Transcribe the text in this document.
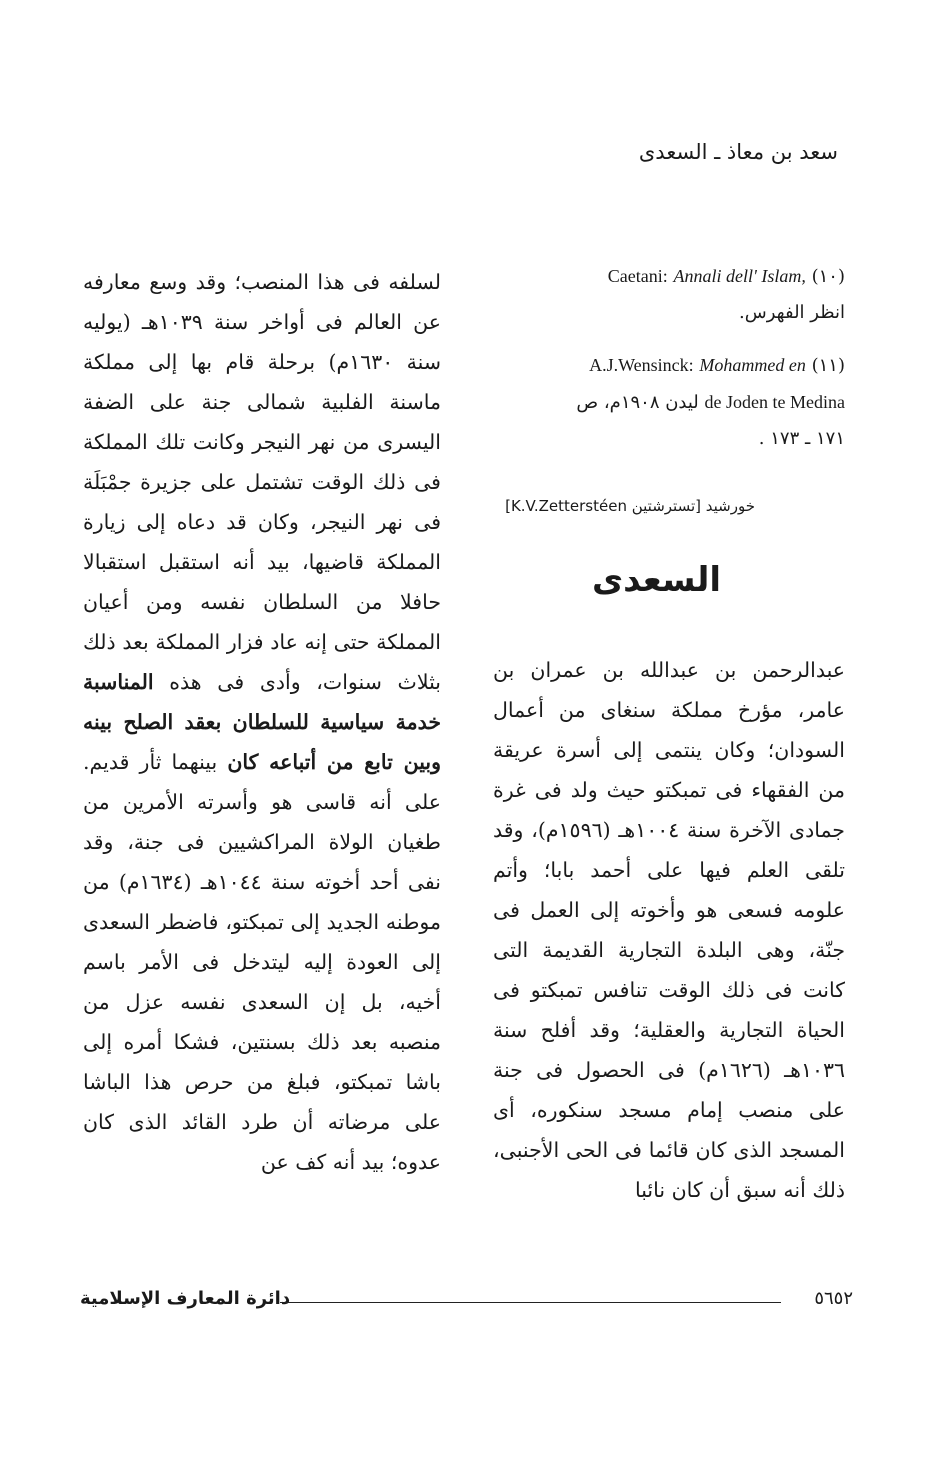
سعد بن معاذ ـ السعدى
(١٠) Caetani: Annali dell' Islam,
انظر الفهرس.
(١١) A.J.Wensinck: Mohammed en
de Joden te Medina ليدن ١٩٠٨م، ص
١٧١ ـ ١٧٣ .
خورشيد [تسترشتين K.V.Zetterstéen]
السعدى
عبدالرحمن بن عبدالله بن عمران بن عامر، مؤرخ مملكة سنغاى من أعمال السودان؛ وكان ينتمى إلى أسرة عريقة من الفقهاء فى تمبكتو حيث ولد فى غرة جمادى الآخرة سنة ١٠٠٤هـ (١٥٩٦م)، وقد تلقى العلم فيها على أحمد بابا؛ وأتم علومه فسعى هو وأخوته إلى العمل فى جنّة، وهى البلدة التجارية القديمة التى كانت فى ذلك الوقت تنافس تمبكتو فى الحياة التجارية والعقلية؛ وقد أفلح سنة ١٠٣٦هـ (١٦٢٦م) فى الحصول فى جنة على منصب إمام مسجد سنكوره، أى المسجد الذى كان قائما فى الحى الأجنبى، ذلك أنه سبق أن كان نائبا
لسلفه فى هذا المنصب؛ وقد وسع معارفه عن العالم فى أواخر سنة ١٠٣٩هـ (يوليه سنة ١٦٣٠م) برحلة قام بها إلى مملكة ماسنة الفلبية شمالى جنة على الضفة اليسرى من نهر النيجر وكانت تلك المملكة فى ذلك الوقت تشتمل على جزيرة جمْبَلَة فى نهر النيجر، وكان قد دعاه إلى زيارة المملكة قاضيها، بيد أنه استقبل استقبالا حافلا من السلطان نفسه ومن أعيان المملكة حتى إنه عاد فزار المملكة بعد ذلك بثلاث سنوات، وأدى فى هذه المناسبة خدمة سياسية للسلطان بعقد الصلح بينه وبين تابع من أتباعه كان بينهما ثأر قديم. على أنه قاسى هو وأسرته الأمرين من طغيان الولاة المراكشيين فى جنة، وقد نفى أحد أخوته سنة ١٠٤٤هـ (١٦٣٤م) من موطنه الجديد إلى تمبكتو، فاضطر السعدى إلى العودة إليه ليتدخل فى الأمر باسم أخيه، بل إن السعدى نفسه عزل من منصبه بعد ذلك بسنتين، فشكا أمره إلى باشا تمبكتو، فبلغ من حرص هذا الباشا على مرضاته أن طرد القائد الذى كان عدوه؛ بيد أنه كف عن
دائرة المعارف الإسلامية	٥٦٥٢
